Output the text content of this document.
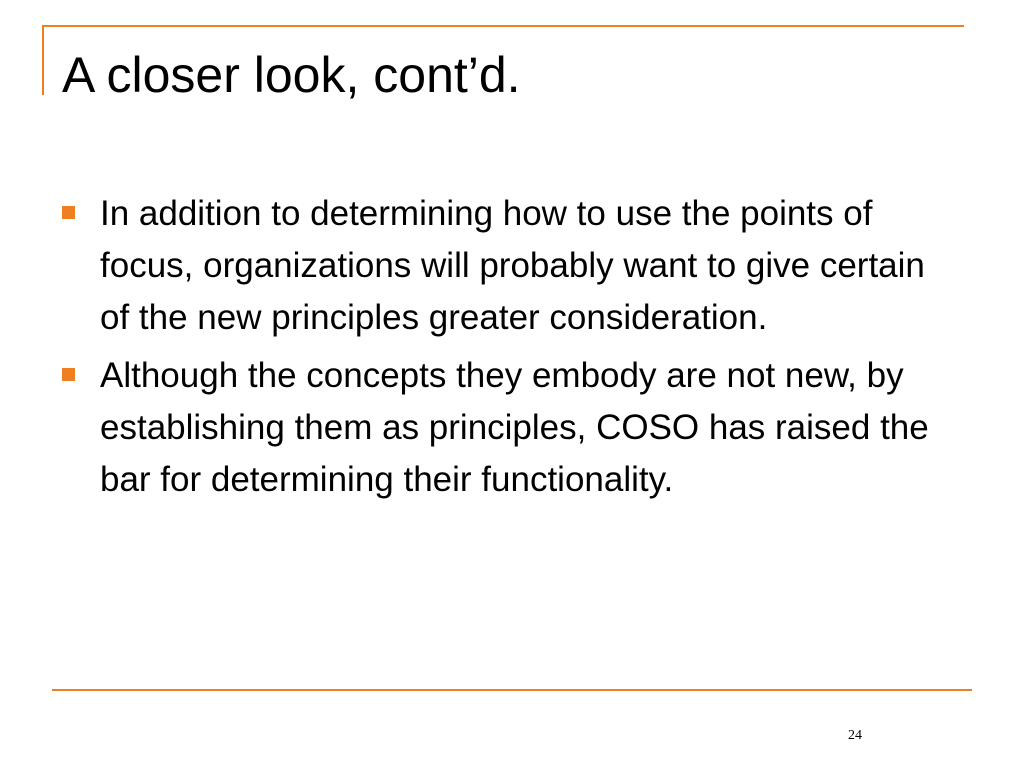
A closer look, cont’d.
In addition to determining how to use the points of focus, organizations will probably want to give certain of the new principles greater consideration.
Although the concepts they embody are not new, by establishing them as principles, COSO has raised the bar for determining their functionality.
24
